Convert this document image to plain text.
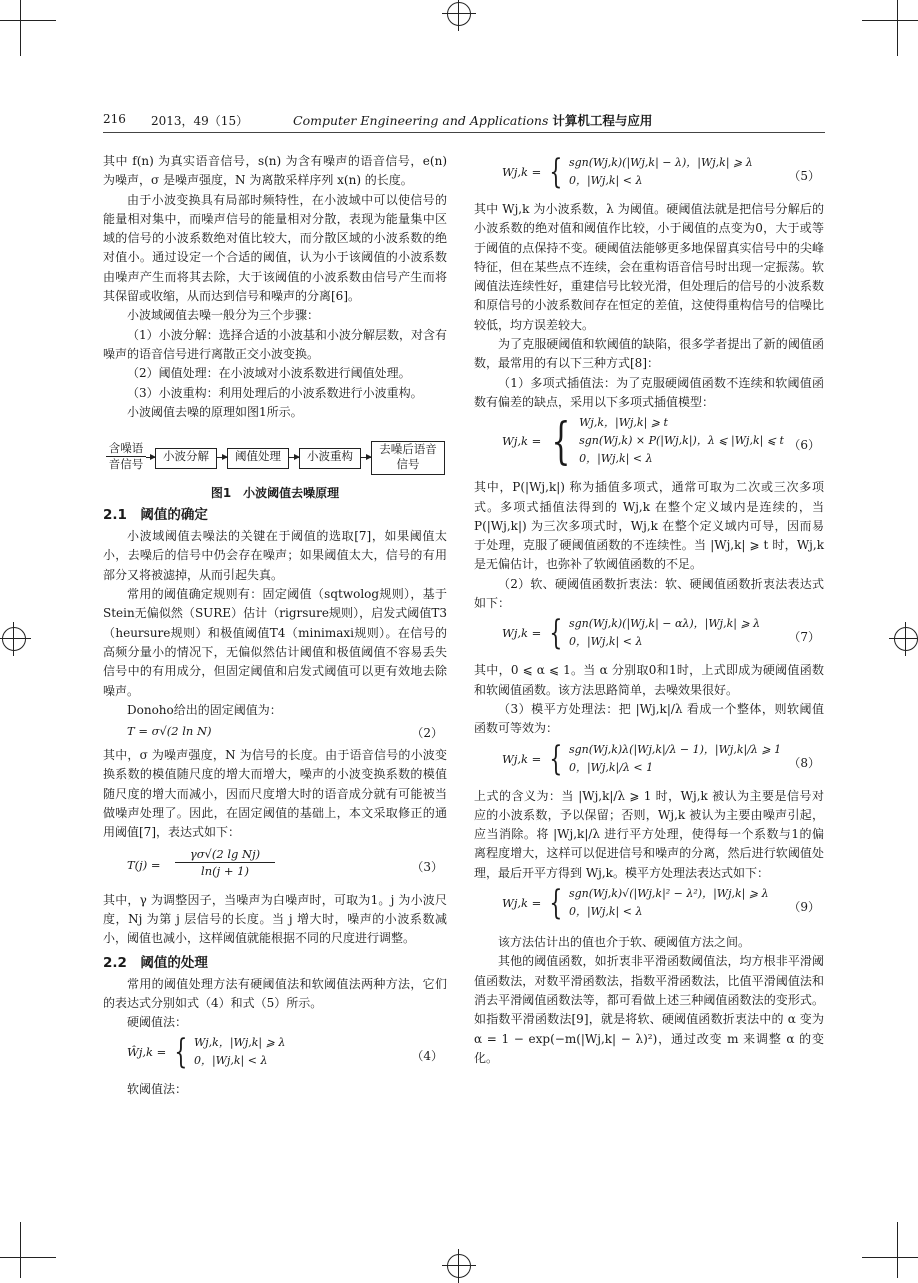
216 2013，49（15）	Computer Engineering and Applications 计算机工程与应用

其中 f(n) 为真实语音信号，s(n) 为含有噪声的语音信号，e(n) 为噪声，σ 是噪声强度，N 为离散采样序列 x(n) 的长度。

由于小波变换具有局部时频特性，在小波域中可以使信号的能量相对集中，而噪声信号的能量相对分散，表现为能量集中区域的信号的小波系数绝对值比较大，而分散区域的小波系数的绝对值小。通过设定一个合适的阈值，认为小于该阈值的小波系数由噪声产生而将其去除，大于该阈值的小波系数由信号产生而将其保留或收缩，从而达到信号和噪声的分离[6]。

小波域阈值去噪一般分为三个步骤：

（1）小波分解：选择合适的小波基和小波分解层数，对含有噪声的语音信号进行离散正交小波变换。

（2）阈值处理：在小波域对小波系数进行阈值处理。

（3）小波重构：利用处理后的小波系数进行小波重构。

小波阈值去噪的原理如图1所示。

含噪语
音信号
小波分解	阈值处理	小波重构	去噪后语音
信号
图1　小波阈值去噪原理
2.1　阈值的确定

小波域阈值去噪法的关键在于阈值的选取[7]，如果阈值太小，去噪后的信号中仍会存在噪声；如果阈值太大，信号的有用部分又将被滤掉，从而引起失真。

常用的阈值确定规则有：固定阈值（sqtwolog规则），基于Stein无偏似然（SURE）估计（rigrsure规则），启发式阈值T3（heursure规则）和极值阈值T4（minimaxi规则）。在信号的高频分量小的情况下，无偏似然估计阈值和极值阈值不容易丢失信号中的有用成分，但固定阈值和启发式阈值可以更有效地去除噪声。

Donoho给出的固定阈值为：

T = σ√(2 ln N)	（2）

其中，σ 为噪声强度，N 为信号的长度。由于语音信号的小波变换系数的模值随尺度的增大而增大，噪声的小波变换系数的模值随尺度的增大而减小，因而尺度增大时的语音成分就有可能被当做噪声处理了。因此，在固定阈值的基础上，本文采取修正的通用阈值[7]，表达式如下：

$T(j) = \frac{\text{γσ√(2 lg Nj)}}{\ln(j + 1)}$	（3）

其中，γ 为调整因子，当噪声为白噪声时，可取为1。j 为小波尺度，Nj 为第 j 层信号的长度。当 j 增大时，噪声的小波系数减小，阈值也减小，这样阈值就能根据不同的尺度进行调整。

2.2　阈值的处理

常用的阈值处理方法有硬阈值法和软阈值法两种方法，它们的表达式分别如式（4）和式（5）所示。

硬阈值法：

Ŵj,k = { Wj,k，|Wj,k| ⩾ λ
0，|Wj,k| < λ	（4）

软阈值法：

Wj,k = { sgn(Wj,k)(|Wj,k| − λ)，|Wj,k| ⩾ λ
0，|Wj,k| < λ	（5）

其中 Wj,k 为小波系数，λ 为阈值。硬阈值法就是把信号分解后的小波系数的绝对值和阈值作比较，小于阈值的点变为0，大于或等于阈值的点保持不变。硬阈值法能够更多地保留真实信号中的尖峰特征，但在某些点不连续，会在重构语音信号时出现一定振荡。软阈值法连续性好，重建信号比较光滑，但处理后的信号的小波系数和原信号的小波系数间存在恒定的差值，这使得重构信号的信噪比较低，均方误差较大。

为了克服硬阈值和软阈值的缺陷，很多学者提出了新的阈值函数，最常用的有以下三种方式[8]：

（1）多项式插值法：为了克服硬阈值函数不连续和软阈值函数有偏差的缺点，采用以下多项式插值模型：

Wj,k = { Wj,k，|Wj,k| ⩾ t
sgn(Wj,k) × P(|Wj,k|)，λ ⩽ |Wj,k| ⩽ t
0，|Wj,k| < λ
（6）

其中，P(|Wj,k|) 称为插值多项式，通常可取为二次或三次多项式。多项式插值法得到的 Wj,k 在整个定义域内是连续的，当 P(|Wj,k|) 为三次多项式时，Wj,k 在整个定义域内可导，因而易于处理，克服了硬阈值函数的不连续性。当 |Wj,k| ⩾ t 时，Wj,k 是无偏估计，也弥补了软阈值函数的不足。

（2）软、硬阈值函数折衷法：软、硬阈值函数折衷法表达式如下：

Wj,k = { sgn(Wj,k)(|Wj,k| − αλ)，|Wj,k| ⩾ λ
0，|Wj,k| < λ	（7）

其中，0 ⩽ α ⩽ 1。当 α 分别取0和1时，上式即成为硬阈值函数和软阈值函数。该方法思路简单，去噪效果很好。

（3）模平方处理法：把 |Wj,k|/λ 看成一个整体，则软阈值函数可等效为：

Wj,k = { sgn(Wj,k)λ(|Wj,k|/λ − 1)，|Wj,k|/λ ⩾ 1
0，|Wj,k|/λ < 1	（8）

上式的含义为：当 |Wj,k|/λ ⩾ 1 时，Wj,k 被认为主要是信号对应的小波系数，予以保留；否则，Wj,k 被认为主要由噪声引起，应当消除。将 |Wj,k|/λ 进行平方处理，使得每一个系数与1的偏离程度增大，这样可以促进信号和噪声的分离，然后进行软阈值处理，最后开平方得到 Wj,k。模平方处理法表达式如下：

Wj,k = { sgn(Wj,k)√(|Wj,k|² − λ²)，|Wj,k| ⩾ λ
0，|Wj,k| < λ	（9）

该方法估计出的值也介于软、硬阈值方法之间。

其他的阈值函数，如折衷非平滑函数阈值法，均方根非平滑阈值函数法，对数平滑函数法，指数平滑函数法，比值平滑阈值法和消去平滑阈值函数法等，都可看做上述三种阈值函数法的变形式。如指数平滑函数法[9]，就是将软、硬阈值函数折衷法中的 α 变为 α = 1 − exp(−m(|Wj,k| − λ)²)，通过改变 m 来调整 α 的变化。
